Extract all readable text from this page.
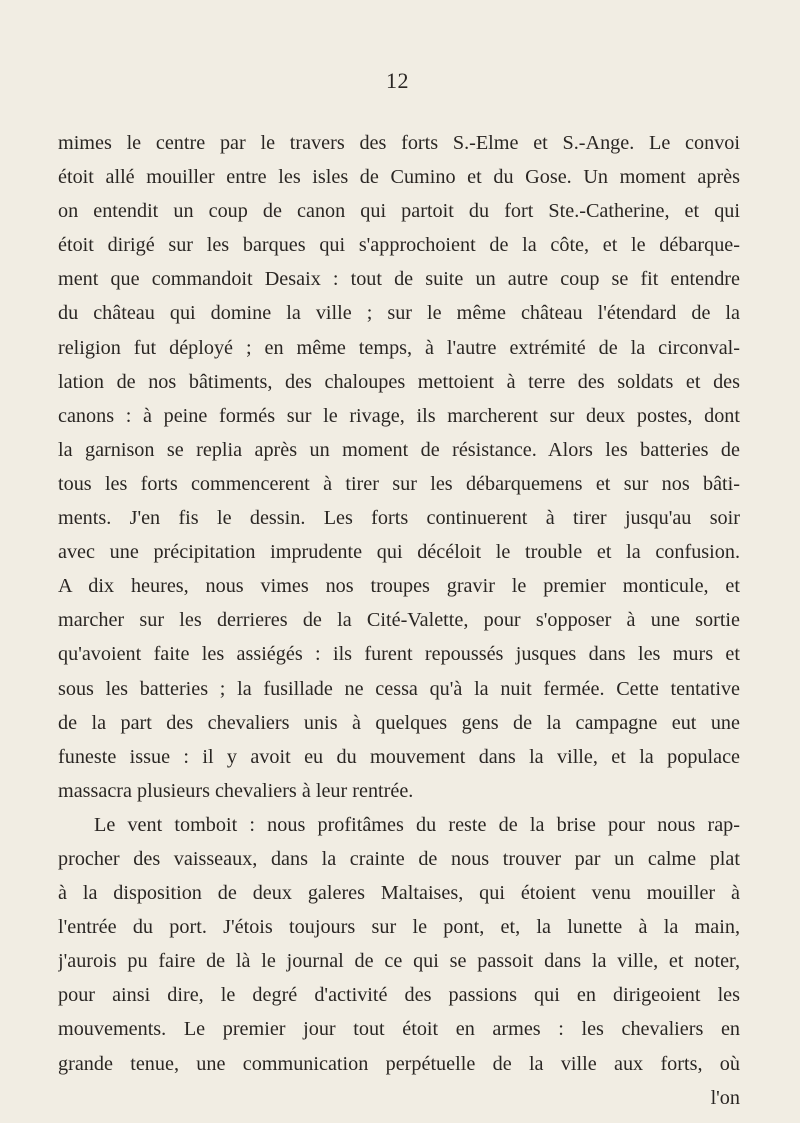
12
mimes le centre par le travers des forts S.-Elme et S.-Ange. Le convoi
étoit allé mouiller entre les isles de Cumino et du Gose. Un moment après
on entendit un coup de canon qui partoit du fort Ste.-Catherine, et qui
étoit dirigé sur les barques qui s'approchoient de la côte, et le débarque-
ment que commandoit Desaix : tout de suite un autre coup se fit entendre
du château qui domine la ville ; sur le même château l'étendard de la
religion fut déployé ; en même temps, à l'autre extrémité de la circonval-
lation de nos bâtiments, des chaloupes mettoient à terre des soldats et des
canons : à peine formés sur le rivage, ils marcherent sur deux postes, dont
la garnison se replia après un moment de résistance. Alors les batteries de
tous les forts commencerent à tirer sur les débarquemens et sur nos bâti-
ments. J'en fis le dessin. Les forts continuerent à tirer jusqu'au soir
avec une précipitation imprudente qui décéloit le trouble et la confusion.
A dix heures, nous vimes nos troupes gravir le premier monticule, et
marcher sur les derrieres de la Cité-Valette, pour s'opposer à une sortie
qu'avoient faite les assiégés : ils furent repoussés jusques dans les murs et
sous les batteries ; la fusillade ne cessa qu'à la nuit fermée. Cette tentative
de la part des chevaliers unis à quelques gens de la campagne eut une
funeste issue : il y avoit eu du mouvement dans la ville, et la populace
massacra plusieurs chevaliers à leur rentrée.
Le vent tomboit : nous profitâmes du reste de la brise pour nous rap-
procher des vaisseaux, dans la crainte de nous trouver par un calme plat
à la disposition de deux galeres Maltaises, qui étoient venu mouiller à
l'entrée du port. J'étois toujours sur le pont, et, la lunette à la main,
j'aurois pu faire de là le journal de ce qui se passoit dans la ville, et noter,
pour ainsi dire, le degré d'activité des passions qui en dirigeoient les
mouvements. Le premier jour tout étoit en armes : les chevaliers en
grande tenue, une communication perpétuelle de la ville aux forts, où
l'on
